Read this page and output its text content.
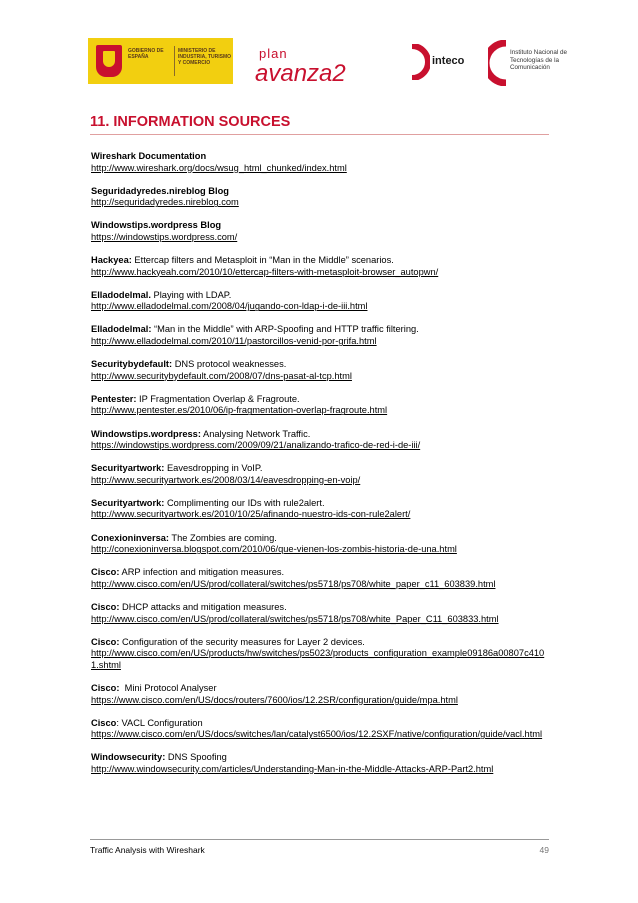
GOBIERNO DE ESPAÑA
MINISTERIO DE INDUSTRIA, TURISMO Y COMERCIO
plan
avanza2	inteco
Instituto Nacional de Tecnologías de la Comunicación
11. INFORMATION SOURCES
Wireshark Documentation
http://www.wireshark.org/docs/wsug_html_chunked/index.html
Seguridadyredes.nireblog Blog
http://seguridadyredes.nireblog.com
Windowstips.wordpress Blog
https://windowstips.wordpress.com/
Hackyea: Ettercap filters and Metasploit in “Man in the Middle” scenarios.
http://www.hackyeah.com/2010/10/ettercap-filters-with-metasploit-browser_autopwn/
Elladodelmal. Playing with LDAP.
http://www.elladodelmal.com/2008/04/jugando-con-ldap-i-de-iii.html
Elladodelmal: “Man in the Middle” with ARP-Spoofing and HTTP traffic filtering.
http://www.elladodelmal.com/2010/11/pastorcillos-venid-por-grifa.html
Securitybydefault: DNS protocol weaknesses.
http://www.securitybydefault.com/2008/07/dns-pasat-al-tcp.html
Pentester: IP Fragmentation Overlap & Fragroute.
http://www.pentester.es/2010/06/ip-fragmentation-overlap-fragroute.html
Windowstips.wordpress: Analysing Network Traffic.
https://windowstips.wordpress.com/2009/09/21/analizando-trafico-de-red-i-de-iii/
Securityartwork: Eavesdropping in VoIP.
http://www.securityartwork.es/2008/03/14/eavesdropping-en-voip/
Securityartwork: Complimenting our IDs with rule2alert.
http://www.securityartwork.es/2010/10/25/afinando-nuestro-ids-con-rule2alert/
Conexioninversa: The Zombies are coming.
http://conexioninversa.blogspot.com/2010/06/que-vienen-los-zombis-historia-de-una.html
Cisco: ARP infection and mitigation measures.
http://www.cisco.com/en/US/prod/collateral/switches/ps5718/ps708/white_paper_c11_603839.html
Cisco: DHCP attacks and mitigation measures.
http://www.cisco.com/en/US/prod/collateral/switches/ps5718/ps708/white_Paper_C11_603833.html
Cisco: Configuration of the security measures for Layer 2 devices.
http://www.cisco.com/en/US/products/hw/switches/ps5023/products_configuration_example09186a00807c4101.shtml
Cisco:  Mini Protocol Analyser
https://www.cisco.com/en/US/docs/routers/7600/ios/12.2SR/configuration/guide/mpa.html
Cisco: VACL Configuration
https://www.cisco.com/en/US/docs/switches/lan/catalyst6500/ios/12.2SXF/native/configuration/guide/vacl.html
Windowsecurity: DNS Spoofing
http://www.windowsecurity.com/articles/Understanding-Man-in-the-Middle-Attacks-ARP-Part2.html
Traffic Analysis with Wireshark	49
